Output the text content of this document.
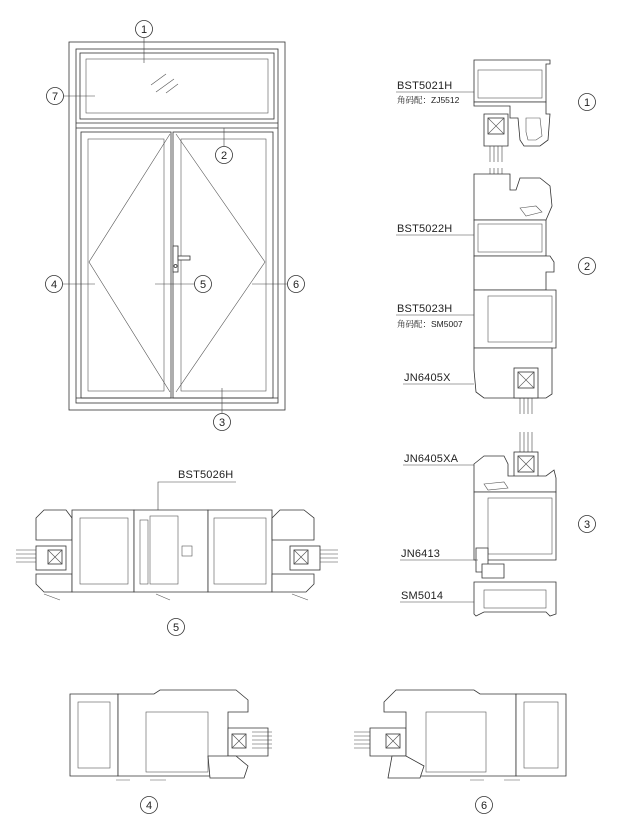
1
7
2
4	5	6
3
BST5021H
角码配：ZJ5512	1
BST5022H
BST5023H
角码配：SM5007
JN6405X
2
JN6405XA
JN6413
SM5014
3
BST5026H
5
4	6
